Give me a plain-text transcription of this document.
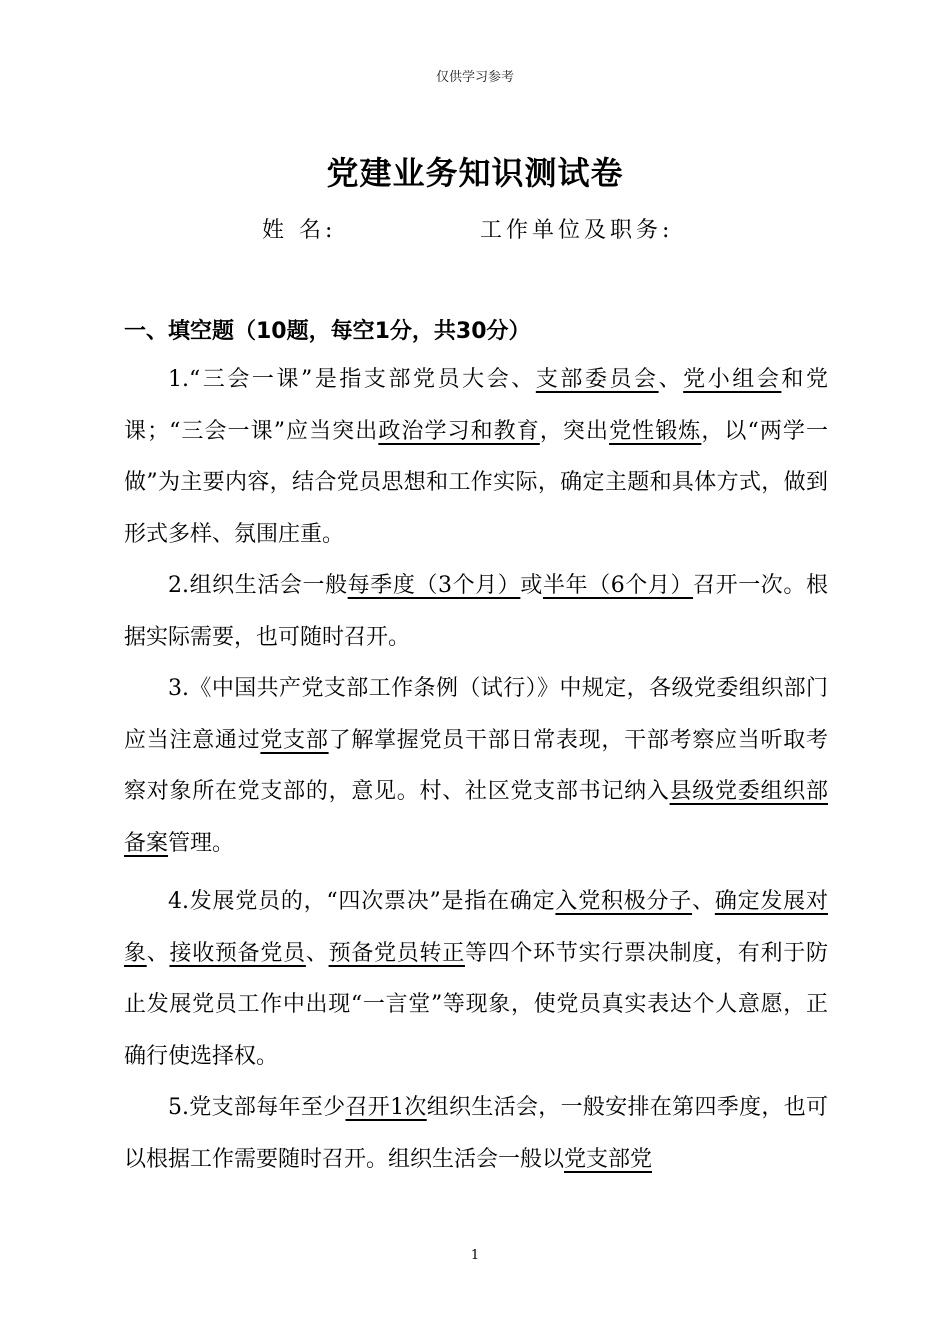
仅供学习参考
党建业务知识测试卷
姓 名:	工作单位及职务:
一、填空题（10题，每空1分，共30分）

1.“三会一课”是指支部党员大会、支部委员会、党小组会和党课；“三会一课”应当突出政治学习和教育，突出党性锻炼，以“两学一做”为主要内容，结合党员思想和工作实际，确定主题和具体方式，做到形式多样、氛围庄重。

2.组织生活会一般每季度（3个月）或半年（6个月）召开一次。根据实际需要，也可随时召开。

3.《中国共产党支部工作条例（试行）》中规定，各级党委组织部门应当注意通过党支部了解掌握党员干部日常表现，干部考察应当听取考察对象所在党支部的，意见。村、社区党支部书记纳入县级党委组织部备案管理。

4.发展党员的，“四次票决”是指在确定入党积极分子、确定发展对象、接收预备党员、预备党员转正等四个环节实行票决制度，有利于防止发展党员工作中出现“一言堂”等现象，使党员真实表达个人意愿，正确行使选择权。

5.党支部每年至少召开1次组织生活会，一般安排在第四季度，也可以根据工作需要随时召开。组织生活会一般以党支部党

1
